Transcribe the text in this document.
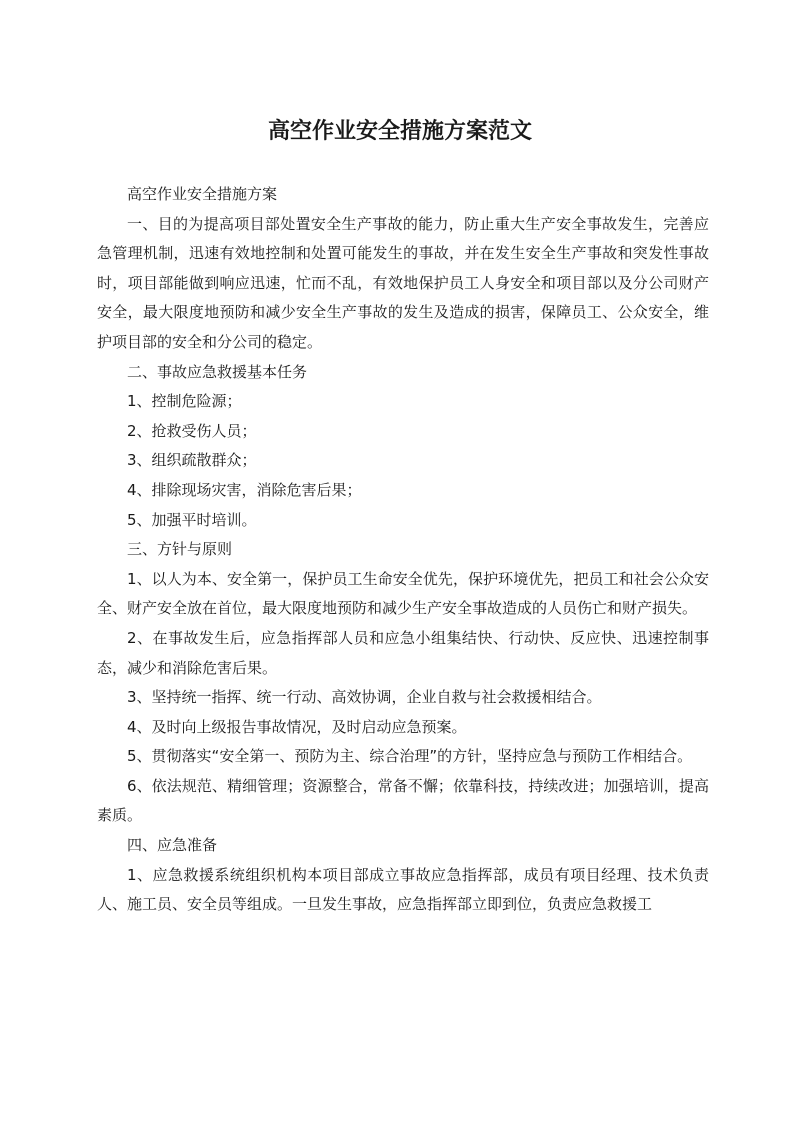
高空作业安全措施方案范文

高空作业安全措施方案

一、目的为提高项目部处置安全生产事故的能力，防止重大生产安全事故发生，完善应急管理机制，迅速有效地控制和处置可能发生的事故，并在发生安全生产事故和突发性事故时，项目部能做到响应迅速，忙而不乱，有效地保护员工人身安全和项目部以及分公司财产安全，最大限度地预防和减少安全生产事故的发生及造成的损害，保障员工、公众安全，维护项目部的安全和分公司的稳定。

二、事故应急救援基本任务

1、控制危险源；

2、抢救受伤人员；

3、组织疏散群众；

4、排除现场灾害，消除危害后果；

5、加强平时培训。

三、方针与原则

1、以人为本、安全第一，保护员工生命安全优先，保护环境优先，把员工和社会公众安全、财产安全放在首位，最大限度地预防和减少生产安全事故造成的人员伤亡和财产损失。

2、在事故发生后，应急指挥部人员和应急小组集结快、行动快、反应快、迅速控制事态，减少和消除危害后果。

3、坚持统一指挥、统一行动、高效协调，企业自救与社会救援相结合。

4、及时向上级报告事故情况，及时启动应急预案。

5、贯彻落实“安全第一、预防为主、综合治理”的方针，坚持应急与预防工作相结合。

6、依法规范、精细管理；资源整合，常备不懈；依靠科技，持续改进；加强培训，提高素质。

四、应急准备

1、应急救援系统组织机构本项目部成立事故应急指挥部，成员有项目经理、技术负责人、施工员、安全员等组成。一旦发生事故，应急指挥部立即到位，负责应急救援工
